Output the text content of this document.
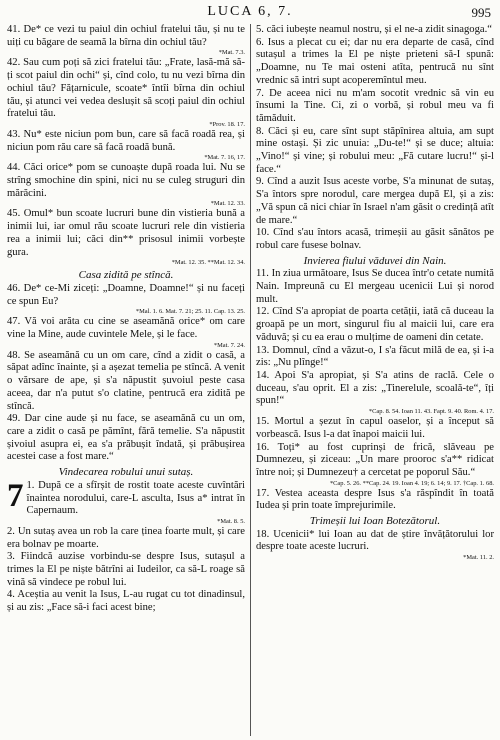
LUCA 6, 7.	995
41. De* ce vezi tu paiul din ochiul fratelui tău, și nu te uiți cu băgare de seamă la bîrna din ochiul tău?
*Mat. 7.3.
42. Sau cum poți să zici fratelui tău: „Frate, lasă-mă să-ți scot paiul din ochi“ și, cînd colo, tu nu vezi bîrna din ochiul tău? Fățarnicule, scoate* întîi bîrna din ochiul tău, și atunci vei vedea deslușit să scoți paiul din ochiul fratelui tău.
*Prov. 18. 17.
43. Nu* este niciun pom bun, care să facă roadă rea, și niciun pom rău care să facă roadă bună.
*Mat. 7. 16, 17.
44. Căci orice* pom se cunoaște după roada lui. Nu se strîng smochine din spini, nici nu se culeg struguri din mărăcini.
*Mat. 12. 33.
45. Omul* bun scoate lucruri bune din vistieria bună a inimii lui, iar omul rău scoate lucruri rele din vistieria rea a inimii lui; căci din** prisosul inimii vorbește gura.
*Mat. 12. 35. **Mat. 12. 34.
Casa zidită pe stîncă.
46. De* ce-Mi ziceți: „Doamne, Doamne!“ și nu faceți ce spun Eu?
*Mal. 1. 6. Mat. 7. 21; 25. 11. Cap. 13. 25.
47. Vă voi arăta cu cine se aseamănă orice* om care vine la Mine, aude cuvintele Mele, și le face.
*Mat. 7. 24.
48. Se aseamănă cu un om care, cînd a zidit o casă, a săpat adînc înainte, și a așezat temelia pe stîncă. A venit o vărsare de ape, și s'a năpustit șuvoiul peste casa aceea, dar n'a putut s'o clatine, pentrucă era zidită pe stîncă.
49. Dar cine aude și nu face, se aseamănă cu un om, care a zidit o casă pe pămînt, fără temelie. S'a năpustit șivoiul asupra ei, ea s'a prăbușit îndată, și prăbușirea acestei case a fost mare.“
Vindecarea robului unui sutaș.
7 1. După ce a sfîrșit de rostit toate aceste cuvîntări înaintea norodului, care-L asculta, Isus a* intrat în Capernaum.
*Mat. 8. 5.
2. Un sutaș avea un rob la care ținea foarte mult, și care era bolnav pe moarte.
3. Fiindcă auzise vorbindu-se despre Isus, sutașul a trimes la El pe niște bătrîni ai Iudeilor, ca să-L roage să vină să vindece pe robul lui.
4. Aceștia au venit la Isus, L-au rugat cu tot dinadinsul, și au zis: „Face să-i faci acest bine;
5. căci iubește neamul nostru, și el ne-a zidit sinagoga.“
6. Isus a plecat cu ei; dar nu era departe de casă, cînd sutașul a trimes la El pe niște prieteni să-I spună: „Doamne, nu Te mai osteni atîta, pentrucă nu sînt vrednic să intri supt acoperemîntul meu.
7. De aceea nici nu m'am socotit vrednic să vin eu însumi la Tine. Ci, zi o vorbă, și robul meu va fi tămăduit.
8. Căci și eu, care sînt supt stăpînirea altuia, am supt mine ostași. Și zic unuia: „Du-te!“ și se duce; altuia: „Vino!“ și vine; și robului meu: „Fă cutare lucru!“ și-l face.“
9. Cînd a auzit Isus aceste vorbe, S'a minunat de sutaș, S'a întors spre norodul, care mergea după El, și a zis: „Vă spun că nici chiar în Israel n'am găsit o credință atît de mare.“
10. Cînd s'au întors acasă, trimeșii au găsit sănătos pe robul care fusese bolnav.
Invierea fiului văduvei din Nain.
11. In ziua următoare, Isus Se ducea într'o cetate numită Nain. Impreună cu El mergeau ucenicii Lui și norod mult.
12. Cînd S'a apropiat de poarta cetății, iată că duceau la groapă pe un mort, singurul fiu al maicii lui, care era văduvă; și cu ea erau o mulțime de oameni din cetate.
13. Domnul, cînd a văzut-o, I s'a făcut milă de ea, și i-a zis: „Nu plînge!“
14. Apoi S'a apropiat, și S'a atins de raclă. Cele o duceau, s'au oprit. El a zis: „Tinerelule, scoală-te“, îți spun!“
*Cap. 8. 54. Ioan 11. 43. Fapt. 9. 40. Rom. 4. 17.
15. Mortul a șezut în capul oaselor, și a început să vorbească. Isus l-a dat înapoi maicii lui.
16. Toți* au fost cuprinși de frică, slăveau pe Dumnezeu, și ziceau: „Un mare prooroc s'a** ridicat între noi; și Dumnezeu† a cercetat pe poporul Său.“
*Cap. 5. 26. **Cap. 24. 19. Ioan 4. 19; 6. 14; 9. 17. †Cap. 1. 68.
17. Vestea aceasta despre Isus s'a răspîndit în toată Iudea și prin toate împrejurimile.
Trimeșii lui Ioan Botezătorul.
18. Ucenicii* lui Ioan au dat de știre învățătorului lor despre toate aceste lucruri.
*Mat. 11. 2.
